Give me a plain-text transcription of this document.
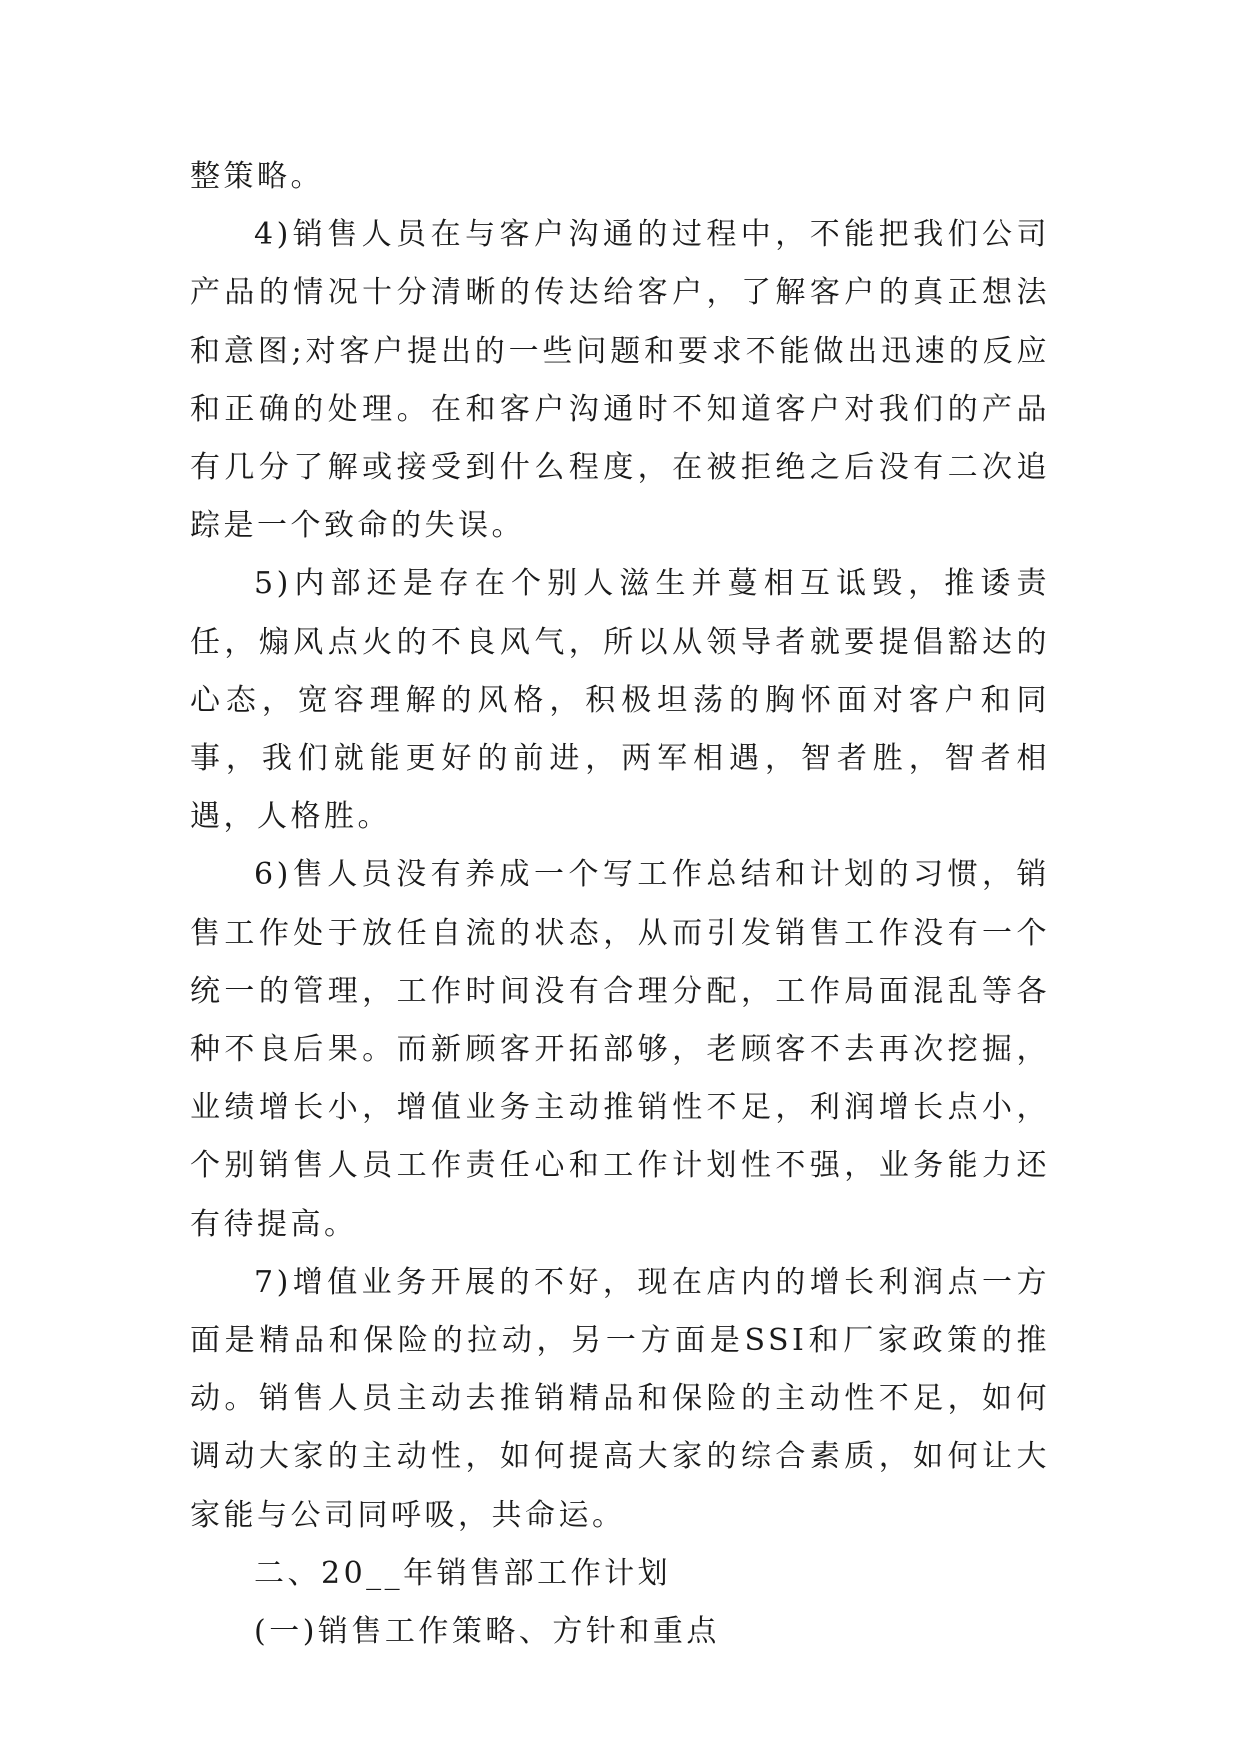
整策略。

4)销售人员在与客户沟通的过程中，不能把我们公司产品的情况十分清晰的传达给客户，了解客户的真正想法和意图;对客户提出的一些问题和要求不能做出迅速的反应和正确的处理。在和客户沟通时不知道客户对我们的产品有几分了解或接受到什么程度，在被拒绝之后没有二次追踪是一个致命的失误。

5)内部还是存在个别人滋生并蔓相互诋毁，推诿责任，煽风点火的不良风气，所以从领导者就要提倡豁达的心态，宽容理解的风格，积极坦荡的胸怀面对客户和同事，我们就能更好的前进，两军相遇，智者胜，智者相遇，人格胜。

6)售人员没有养成一个写工作总结和计划的习惯，销售工作处于放任自流的状态，从而引发销售工作没有一个统一的管理，工作时间没有合理分配，工作局面混乱等各种不良后果。而新顾客开拓部够，老顾客不去再次挖掘，业绩增长小，增值业务主动推销性不足，利润增长点小，个别销售人员工作责任心和工作计划性不强，业务能力还有待提高。

7)增值业务开展的不好，现在店内的增长利润点一方面是精品和保险的拉动，另一方面是SSI和厂家政策的推动。销售人员主动去推销精品和保险的主动性不足，如何调动大家的主动性，如何提高大家的综合素质，如何让大家能与公司同呼吸，共命运。

二、20__年销售部工作计划

(一)销售工作策略、方针和重点
